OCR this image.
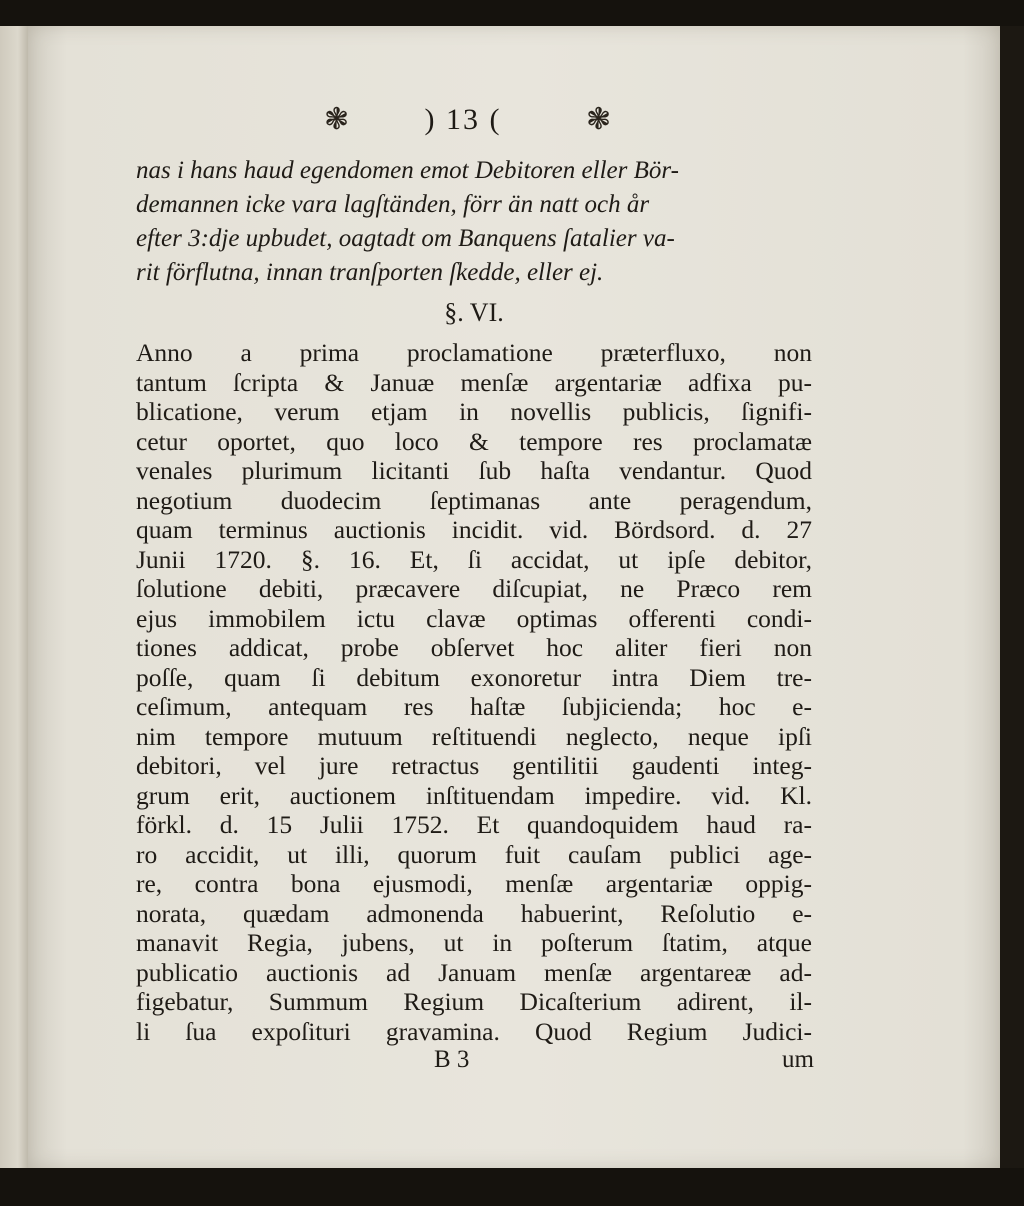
❃	) 13 (	❃
nas i hans haud egendomen emot Debitoren eller Bör-
demannen icke vara lagſtänden, förr än natt och år
efter 3:dje upbudet, oagtadt om Banquens ſatalier va-
rit förflutna, innan tranſporten ſkedde, eller ej.
§. VI.
Anno a prima proclamatione præterfluxo, non
tantum ſcripta & Januæ menſæ argentariæ adfixa pu-
blicatione, verum etjam in novellis publicis, ſignifi-
cetur oportet, quo loco & tempore res proclamatæ
venales plurimum licitanti ſub haſta vendantur. Quod
negotium duodecim ſeptimanas ante peragendum,
quam terminus auctionis incidit. vid. Bördsord. d. 27
Junii 1720. §. 16. Et, ſi accidat, ut ipſe debitor,
ſolutione debiti, præcavere diſcupiat, ne Præco rem
ejus immobilem ictu clavæ optimas offerenti condi-
tiones addicat, probe obſervet hoc aliter fieri non
poſſe, quam ſi debitum exonoretur intra Diem tre-
ceſimum, antequam res haſtæ ſubjicienda; hoc e-
nim tempore mutuum reſtituendi neglecto, neque ipſi
debitori, vel jure retractus gentilitii gaudenti integ-
grum erit, auctionem inſtituendam impedire. vid. Kl.
förkl. d. 15 Julii 1752. Et quandoquidem haud ra-
ro accidit, ut illi, quorum fuit cauſam publici age-
re, contra bona ejusmodi, menſæ argentariæ oppig-
norata, quædam admonenda habuerint, Reſolutio e-
manavit Regia, jubens, ut in poſterum ſtatim, atque
publicatio auctionis ad Januam menſæ argentareæ ad-
figebatur, Summum Regium Dicaſterium adirent, il-
li ſua expoſituri gravamina. Quod Regium Judici-
B 3	um
